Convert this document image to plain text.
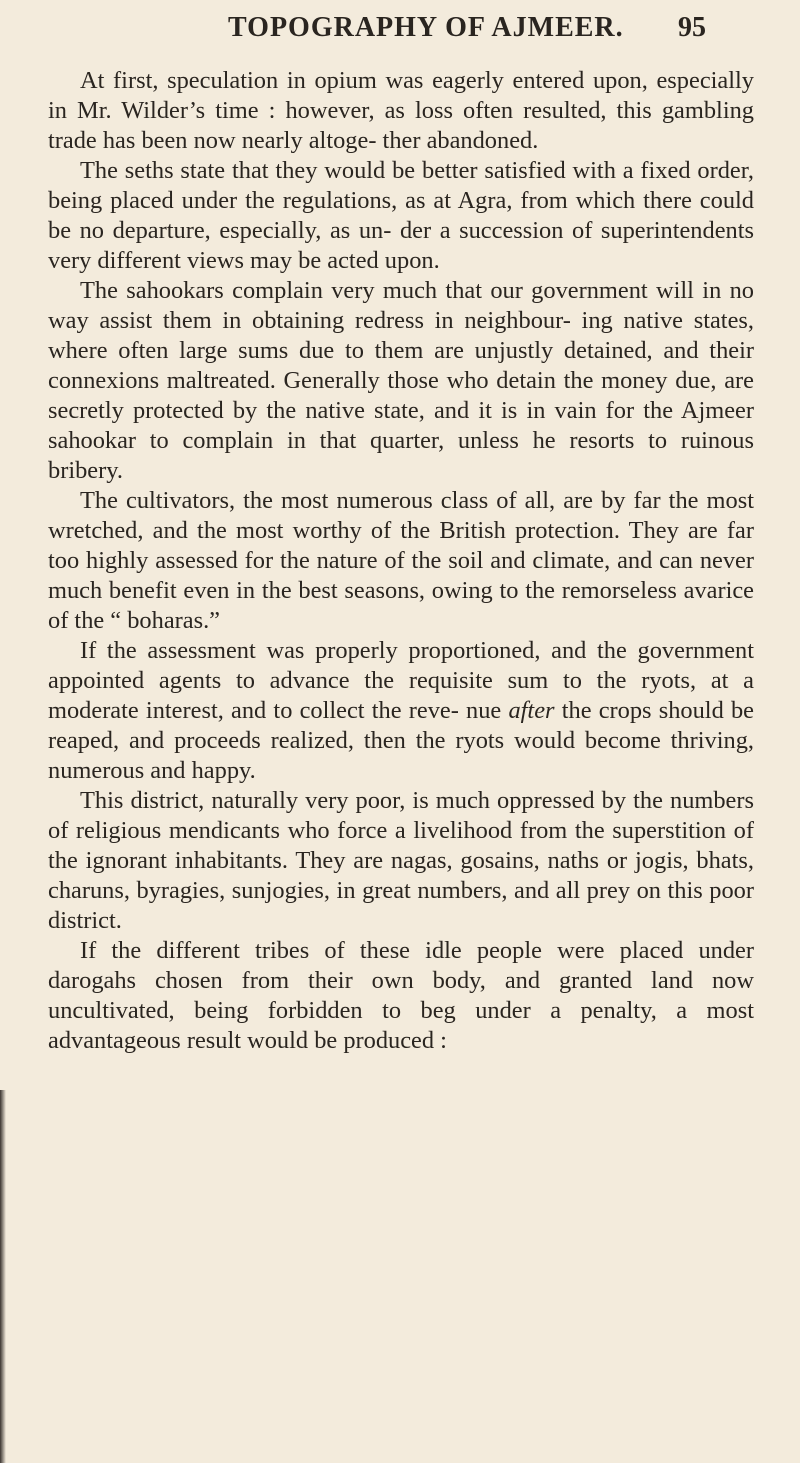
TOPOGRAPHY OF AJMEER. 95

At first, speculation in opium was eagerly entered upon, especially in Mr. Wilder’s time : however, as loss often resulted, this gambling trade has been now nearly altoge- ther abandoned.

The seths state that they would be better satisfied with a fixed order, being placed under the regulations, as at Agra, from which there could be no departure, especially, as un- der a succession of superintendents very different views may be acted upon.

The sahookars complain very much that our government will in no way assist them in obtaining redress in neighbour- ing native states, where often large sums due to them are unjustly detained, and their connexions maltreated. Generally those who detain the money due, are secretly protected by the native state, and it is in vain for the Ajmeer sahookar to complain in that quarter, unless he resorts to ruinous bribery.

The cultivators, the most numerous class of all, are by far the most wretched, and the most worthy of the British protection. They are far too highly assessed for the nature of the soil and climate, and can never much benefit even in the best seasons, owing to the remorseless avarice of the “ boharas.”

If the assessment was properly proportioned, and the government appointed agents to advance the requisite sum to the ryots, at a moderate interest, and to collect the reve- nue after the crops should be reaped, and proceeds realized, then the ryots would become thriving, numerous and happy.

This district, naturally very poor, is much oppressed by the numbers of religious mendicants who force a livelihood from the superstition of the ignorant inhabitants. They are nagas, gosains, naths or jogis, bhats, charuns, byragies, sunjogies, in great numbers, and all prey on this poor district.

If the different tribes of these idle people were placed under darogahs chosen from their own body, and granted land now uncultivated, being forbidden to beg under a penalty, a most advantageous result would be produced :
